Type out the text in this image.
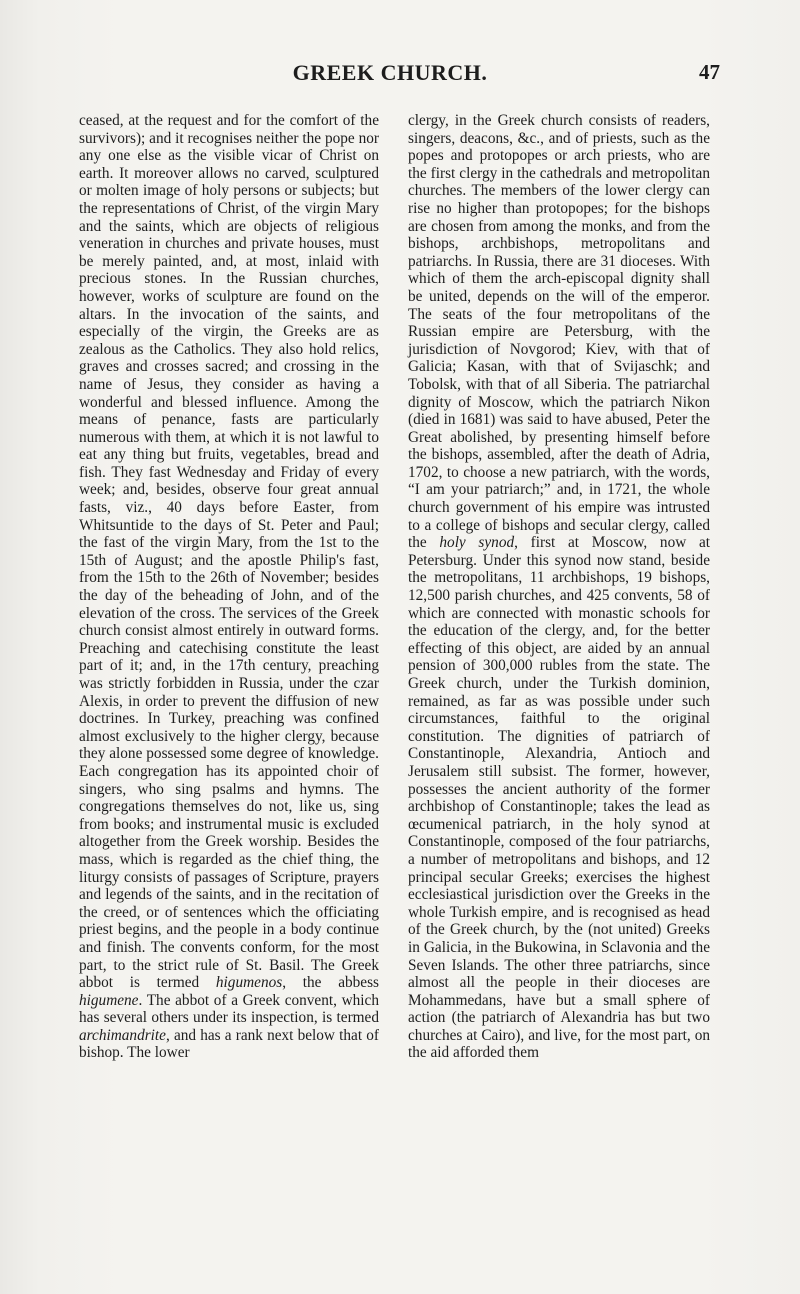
GREEK CHURCH.	47

ceased, at the request and for the comfort of the survivors); and it recognises neither the pope nor any one else as the visible vicar of Christ on earth. It moreover allows no carved, sculptured or molten image of holy persons or subjects; but the representations of Christ, of the virgin Mary and the saints, which are objects of religious veneration in churches and private houses, must be merely painted, and, at most, inlaid with precious stones. In the Russian churches, however, works of sculpture are found on the altars. In the invocation of the saints, and especially of the virgin, the Greeks are as zealous as the Catholics. They also hold relics, graves and crosses sacred; and crossing in the name of Jesus, they consider as having a wonderful and blessed influence. Among the means of penance, fasts are particularly numerous with them, at which it is not lawful to eat any thing but fruits, vegetables, bread and fish. They fast Wednesday and Friday of every week; and, besides, observe four great annual fasts, viz., 40 days before Easter, from Whitsuntide to the days of St. Peter and Paul; the fast of the virgin Mary, from the 1st to the 15th of August; and the apostle Philip's fast, from the 15th to the 26th of November; besides the day of the beheading of John, and of the elevation of the cross. The services of the Greek church consist almost entirely in outward forms. Preaching and catechising constitute the least part of it; and, in the 17th century, preaching was strictly forbidden in Russia, under the czar Alexis, in order to prevent the diffusion of new doctrines. In Turkey, preaching was confined almost exclusively to the higher clergy, because they alone possessed some degree of knowledge. Each congregation has its appointed choir of singers, who sing psalms and hymns. The congregations themselves do not, like us, sing from books; and instrumental music is excluded altogether from the Greek worship. Besides the mass, which is regarded as the chief thing, the liturgy consists of passages of Scripture, prayers and legends of the saints, and in the recitation of the creed, or of sentences which the officiating priest begins, and the people in a body continue and finish. The convents conform, for the most part, to the strict rule of St. Basil. The Greek abbot is termed higumenos, the abbess higumene. The abbot of a Greek convent, which has several others under its inspection, is termed archimandrite, and has a rank next below that of bishop. The lower

clergy, in the Greek church consists of readers, singers, deacons, &c., and of priests, such as the popes and protopopes or arch priests, who are the first clergy in the cathedrals and metropolitan churches. The members of the lower clergy can rise no higher than protopopes; for the bishops are chosen from among the monks, and from the bishops, archbishops, metropolitans and patriarchs. In Russia, there are 31 dioceses. With which of them the arch-episcopal dignity shall be united, depends on the will of the emperor. The seats of the four metropolitans of the Russian empire are Petersburg, with the jurisdiction of Novgorod; Kiev, with that of Galicia; Kasan, with that of Svijaschk; and Tobolsk, with that of all Siberia. The patriarchal dignity of Moscow, which the patriarch Nikon (died in 1681) was said to have abused, Peter the Great abolished, by presenting himself before the bishops, assembled, after the death of Adria, 1702, to choose a new patriarch, with the words, “I am your patriarch;” and, in 1721, the whole church government of his empire was intrusted to a college of bishops and secular clergy, called the holy synod, first at Moscow, now at Petersburg. Under this synod now stand, beside the metropolitans, 11 archbishops, 19 bishops, 12,500 parish churches, and 425 convents, 58 of which are connected with monastic schools for the education of the clergy, and, for the better effecting of this object, are aided by an annual pension of 300,000 rubles from the state. The Greek church, under the Turkish dominion, remained, as far as was possible under such circumstances, faithful to the original constitution. The dignities of patriarch of Constantinople, Alexandria, Antioch and Jerusalem still subsist. The former, however, possesses the ancient authority of the former archbishop of Constantinople; takes the lead as œcumenical patriarch, in the holy synod at Constantinople, composed of the four patriarchs, a number of metropolitans and bishops, and 12 principal secular Greeks; exercises the highest ecclesiastical jurisdiction over the Greeks in the whole Turkish empire, and is recognised as head of the Greek church, by the (not united) Greeks in Galicia, in the Bukowina, in Sclavonia and the Seven Islands. The other three patriarchs, since almost all the people in their dioceses are Mohammedans, have but a small sphere of action (the patriarch of Alexandria has but two churches at Cairo), and live, for the most part, on the aid afforded them
